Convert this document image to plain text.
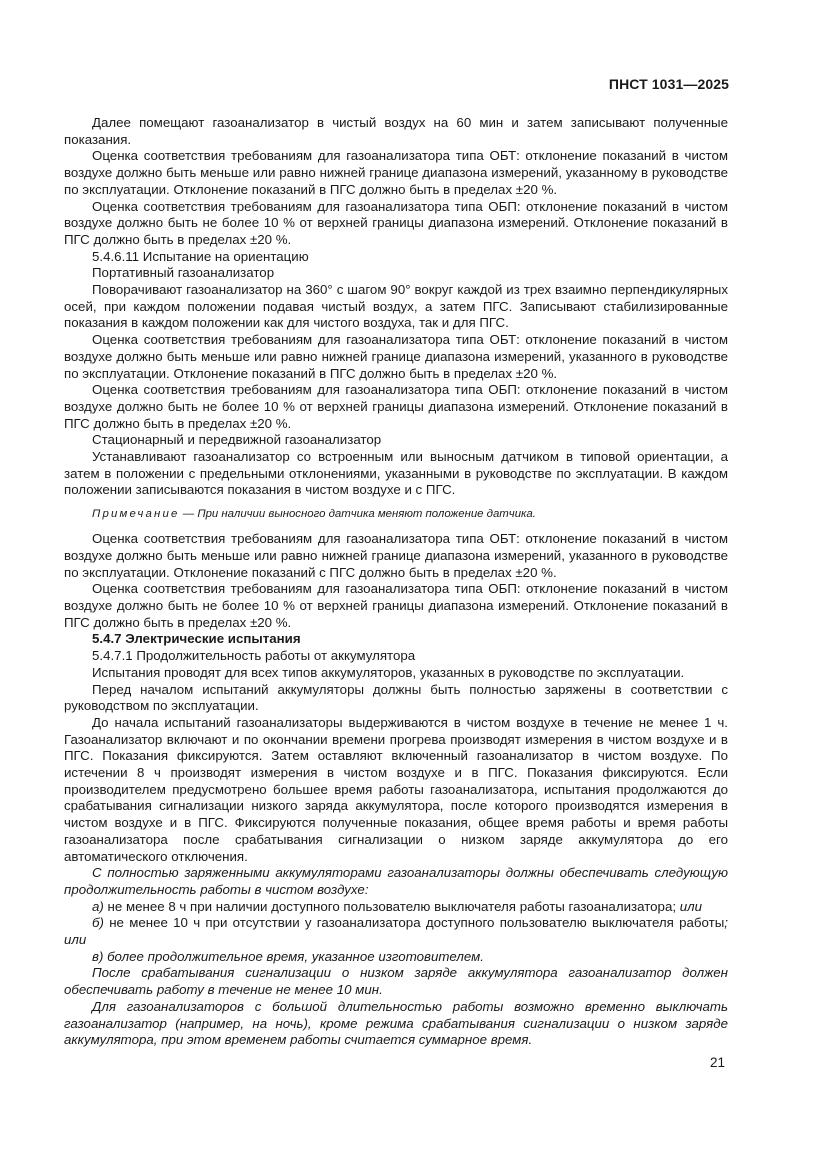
ПНСТ 1031—2025

Далее помещают газоанализатор в чистый воздух на 60 мин и затем записывают полученные показания.

Оценка соответствия требованиям для газоанализатора типа ОБТ: отклонение показаний в чистом воздухе должно быть меньше или равно нижней границе диапазона измерений, указанному в руководстве по эксплуатации. Отклонение показаний в ПГС должно быть в пределах ±20 %.

Оценка соответствия требованиям для газоанализатора типа ОБП: отклонение показаний в чистом воздухе должно быть не более 10 % от верхней границы диапазона измерений. Отклонение показаний в ПГС должно быть в пределах ±20 %.

5.4.6.11 Испытание на ориентацию

Портативный газоанализатор

Поворачивают газоанализатор на 360° с шагом 90° вокруг каждой из трех взаимно перпендикулярных осей, при каждом положении подавая чистый воздух, а затем ПГС. Записывают стабилизированные показания в каждом положении как для чистого воздуха, так и для ПГС.

Оценка соответствия требованиям для газоанализатора типа ОБТ: отклонение показаний в чистом воздухе должно быть меньше или равно нижней границе диапазона измерений, указанного в руководстве по эксплуатации. Отклонение показаний в ПГС должно быть в пределах ±20 %.

Оценка соответствия требованиям для газоанализатора типа ОБП: отклонение показаний в чистом воздухе должно быть не более 10 % от верхней границы диапазона измерений. Отклонение показаний в ПГС должно быть в пределах ±20 %.

Стационарный и передвижной газоанализатор

Устанавливают газоанализатор со встроенным или выносным датчиком в типовой ориентации, а затем в положении с предельными отклонениями, указанными в руководстве по эксплуатации. В каждом положении записываются показания в чистом воздухе и с ПГС.

Примечание — При наличии выносного датчика меняют положение датчика.

Оценка соответствия требованиям для газоанализатора типа ОБТ: отклонение показаний в чистом воздухе должно быть меньше или равно нижней границе диапазона измерений, указанного в руководстве по эксплуатации. Отклонение показаний с ПГС должно быть в пределах ±20 %.

Оценка соответствия требованиям для газоанализатора типа ОБП: отклонение показаний в чистом воздухе должно быть не более 10 % от верхней границы диапазона измерений. Отклонение показаний в ПГС должно быть в пределах ±20 %.

5.4.7 Электрические испытания

5.4.7.1 Продолжительность работы от аккумулятора

Испытания проводят для всех типов аккумуляторов, указанных в руководстве по эксплуатации.

Перед началом испытаний аккумуляторы должны быть полностью заряжены в соответствии с руководством по эксплуатации.

До начала испытаний газоанализаторы выдерживаются в чистом воздухе в течение не менее 1 ч. Газоанализатор включают и по окончании времени прогрева производят измерения в чистом воздухе и в ПГС. Показания фиксируются. Затем оставляют включенный газоанализатор в чистом воздухе. По истечении 8 ч производят измерения в чистом воздухе и в ПГС. Показания фиксируются. Если производителем предусмотрено большее время работы газоанализатора, испытания продолжаются до срабатывания сигнализации низкого заряда аккумулятора, после которого производятся измерения в чистом воздухе и в ПГС. Фиксируются полученные показания, общее время работы и время работы газоанализатора после срабатывания сигнализации о низком заряде аккумулятора до его автоматического отключения.

С полностью заряженными аккумуляторами газоанализаторы должны обеспечивать следующую продолжительность работы в чистом воздухе:

а) не менее 8 ч при наличии доступного пользователю выключателя работы газоанализатора; или

б) не менее 10 ч при отсутствии у газоанализатора доступного пользователю выключателя работы; или

в) более продолжительное время, указанное изготовителем.

После срабатывания сигнализации о низком заряде аккумулятора газоанализатор должен обеспечивать работу в течение не менее 10 мин.

Для газоанализаторов с большой длительностью работы возможно временно выключать газоанализатор (например, на ночь), кроме режима срабатывания сигнализации о низком заряде аккумулятора, при этом временем работы считается суммарное время.

21
